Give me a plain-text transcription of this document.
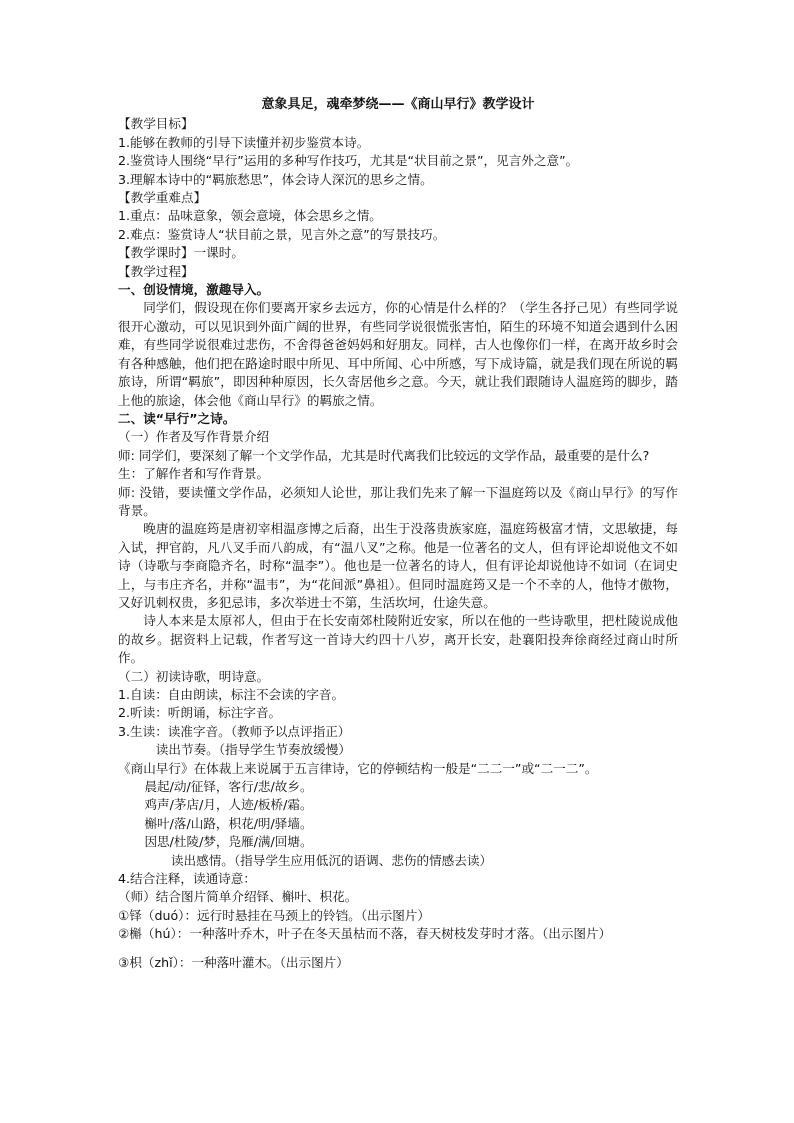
意象具足，魂牵梦绕——《商山早行》教学设计

【教学目标】

1.能够在教师的引导下读懂并初步鉴赏本诗。

2.鉴赏诗人围绕“早行”运用的多种写作技巧，尤其是“状目前之景”，见言外之意”。

3.理解本诗中的“羁旅愁思”，体会诗人深沉的思乡之情。

【教学重难点】

1.重点：品味意象，领会意境，体会思乡之情。

2.难点：鉴赏诗人“状目前之景，见言外之意”的写景技巧。

【教学课时】一课时。

【教学过程】

一、创设情境，激趣导入。

同学们，假设现在你们要离开家乡去远方，你的心情是什么样的？（学生各抒己见）有些同学说很开心激动，可以见识到外面广阔的世界，有些同学说很慌张害怕，陌生的环境不知道会遇到什么困难，有些同学说很难过悲伤，不舍得爸爸妈妈和好朋友。同样，古人也像你们一样，在离开故乡时会有各种感触，他们把在路途时眼中所见、耳中所闻、心中所感，写下成诗篇，就是我们现在所说的羁旅诗，所谓“羁旅”，即因种种原因，长久寄居他乡之意。今天，就让我们跟随诗人温庭筠的脚步，踏上他的旅途，体会他《商山早行》的羁旅之情。

二、读“早行”之诗。

（一）作者及写作背景介绍

师: 同学们，要深刻了解一个文学作品，尤其是时代离我们比较远的文学作品，最重要的是什么?

生：了解作者和写作背景。

师: 没错，要读懂文学作品，必须知人论世，那让我们先来了解一下温庭筠以及《商山早行》的写作背景。

晚唐的温庭筠是唐初宰相温彦博之后裔，出生于没落贵族家庭，温庭筠极富才情，文思敏捷，每入试，押官韵，凡八叉手而八韵成，有“温八叉”之称。他是一位著名的文人，但有评论却说他文不如诗（诗歌与李商隐齐名，时称“温李”）。他也是一位著名的诗人，但有评论却说他诗不如词（在词史上，与韦庄齐名，并称“温韦”，为“花间派”鼻祖）。但同时温庭筠又是一个不幸的人，他恃才傲物，又好讥刺权贵，多犯忌讳，多次举进士不第，生活坎坷，仕途失意。

诗人本来是太原祁人，但由于在长安南郊杜陵附近安家，所以在他的一些诗歌里，把杜陵说成他的故乡。据资料上记载，作者写这一首诗大约四十八岁，离开长安，赴襄阳投奔徐商经过商山时所作。

（二）初读诗歌，明诗意。

1.自读：自由朗读，标注不会读的字音。

2.听读：听朗诵，标注字音。

3.生读：读准字音。（教师予以点评指正）

读出节奏。（指导学生节奏放缓慢）

《商山早行》在体裁上来说属于五言律诗，它的停顿结构一般是“二二一”或“二一二”。

晨起/动/征铎，客行/悲/故乡。

鸡声/茅店/月，人迹/板桥/霜。

槲叶/落/山路，枳花/明/驿墙。

因思/杜陵/梦，凫雁/满/回塘。

读出感情。（指导学生应用低沉的语调、悲伤的情感去读）

4.结合注释，读通诗意：

（师）结合图片简单介绍铎、槲叶、枳花。

①铎（duó）：远行时悬挂在马颈上的铃铛。（出示图片）

②槲（hú）：一种落叶乔木，叶子在冬天虽枯而不落，春天树枝发芽时才落。（出示图片）

③枳（zhǐ）：一种落叶灌木。（出示图片）
